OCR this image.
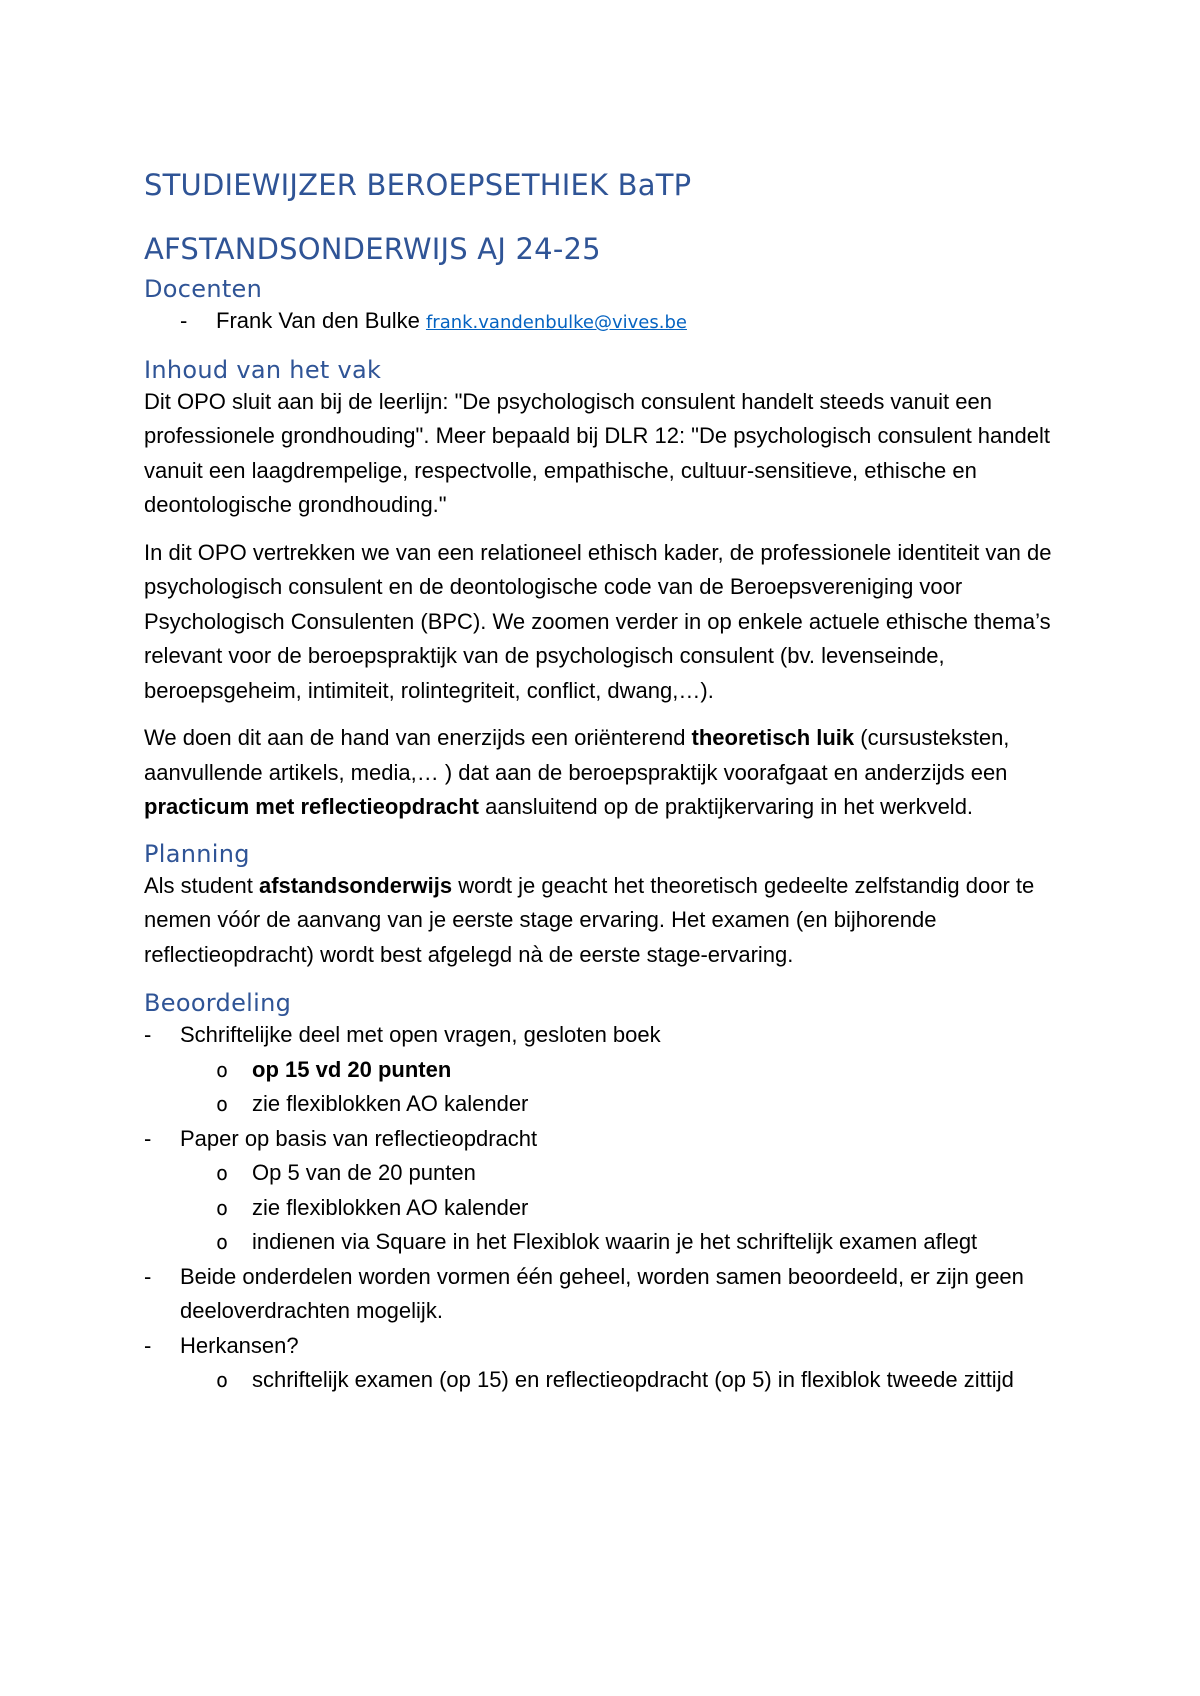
STUDIEWIJZER BEROEPSETHIEK BaTP
AFSTANDSONDERWIJS AJ 24-25
Docenten
- Frank Van den Bulke frank.vandenbulke@vives.be
Inhoud van het vak

Dit OPO sluit aan bij de leerlijn: "De psychologisch consulent handelt steeds vanuit een professionele grondhouding". Meer bepaald bij DLR 12: "De psychologisch consulent handelt vanuit een laagdrempelige, respectvolle, empathische, cultuur-sensitieve, ethische en deontologische grondhouding."

In dit OPO vertrekken we van een relationeel ethisch kader, de professionele identiteit van de psychologisch consulent en de deontologische code van de Beroepsvereniging voor Psychologisch Consulenten (BPC). We zoomen verder in op enkele actuele ethische thema’s relevant voor de beroepspraktijk van de psychologisch consulent (bv. levenseinde, beroepsgeheim, intimiteit, rolintegriteit, conflict, dwang,…).

We doen dit aan de hand van enerzijds een oriënterend theoretisch luik (cursusteksten, aanvullende artikels, media,… ) dat aan de beroepspraktijk voorafgaat en anderzijds een practicum met reflectieopdracht aansluitend op de praktijkervaring in het werkveld.

Planning

Als student afstandsonderwijs wordt je geacht het theoretisch gedeelte zelfstandig door te nemen vóór de aanvang van je eerste stage ervaring. Het examen (en bijhorende reflectieopdracht) wordt best afgelegd nà de eerste stage-ervaring.

Beoordeling
- Schriftelijke deel met open vragen, gesloten boek
o op 15 vd 20 punten
o zie flexiblokken AO kalender
- Paper op basis van reflectieopdracht
o Op 5 van de 20 punten
o zie flexiblokken AO kalender
o indienen via Square in het Flexiblok waarin je het schriftelijk examen aflegt
- Beide onderdelen worden vormen één geheel, worden samen beoordeeld, er zijn geen deeloverdrachten mogelijk.
- Herkansen?
o schriftelijk examen (op 15) en reflectieopdracht (op 5) in flexiblok tweede zittijd
